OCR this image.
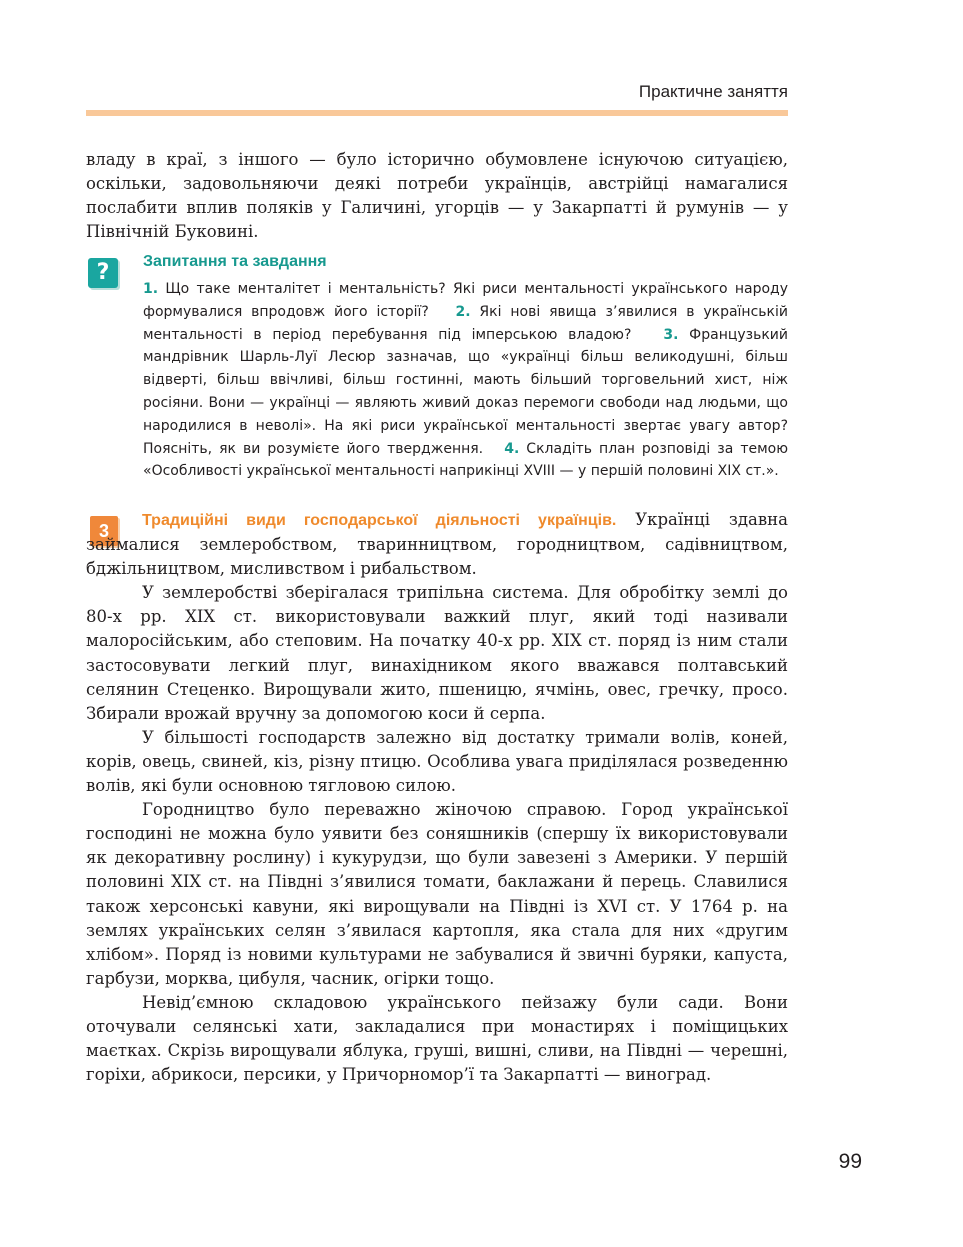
Практичне заняття

владу в краї, з іншого — було історично обумовлене існуючою ситуацією, оскільки, задовольняючи деякі потреби українців, австрійці намагалися послабити вплив поляків у Галичині, угорців — у Закарпатті й румунів — у Північній Буковині.

?	Запитання та завдання
1. Що таке менталітет і ментальність? Які риси ментальності українського народу формувалися впродовж його історії? 2. Які нові явища з’явилися в українській ментальності в період перебування під імперською владою? 3. Французький мандрівник Шарль-Луї Лесюр зазначав, що «українці більш великодушні, більш відверті, більш ввічливі, більш гостинні, мають більший торговельний хист, ніж росіяни. Вони — українці — являють живий доказ перемоги свободи над людьми, що народилися в неволі». На які риси української ментальності звертає увагу автор? Поясніть, як ви розумієте його твердження. 4. Складіть план розповіді за темою «Особливості української ментальності наприкінці XVIII — у першій половині XIX ст.».
3

Традиційні види господарської діяльності українців. Українці здавна займалися землеробством, тваринництвом, городництвом, садівництвом, бджільництвом, мисливством і рибальством.

У землеробстві зберігалася трипільна система. Для обробітку землі до 80-х рр. XIX ст. використовували важкий плуг, який тоді називали малоросійським, або степовим. На початку 40-х рр. XIX ст. поряд із ним стали застосовувати легкий плуг, винахідником якого вважався полтавський селянин Стеценко. Вирощували жито, пшеницю, ячмінь, овес, гречку, просо. Збирали врожай вручну за допомогою коси й серпа.

У більшості господарств залежно від достатку тримали волів, коней, корів, овець, свиней, кіз, різну птицю. Особлива увага приділялася розведенню волів, які були основною тягловою силою.

Городництво було переважно жіночою справою. Город української господині не можна було уявити без соняшників (спершу їх використовували як декоративну рослину) і кукурудзи, що були завезені з Америки. У першій половині XIX ст. на Півдні з’явилися томати, баклажани й перець. Славилися також херсонські кавуни, які вирощували на Півдні із XVI ст. У 1764 р. на землях українських селян з’явилася картопля, яка стала для них «другим хлібом». Поряд із новими культурами не забувалися й звичні буряки, капуста, гарбузи, морква, цибуля, часник, огірки тощо.

Невід’ємною складовою українського пейзажу були сади. Вони оточували селянські хати, закладалися при монастирях і поміщицьких маєтках. Скрізь вирощували яблука, груші, вишні, сливи, на Півдні — черешні, горіхи, абрикоси, персики, у Причорномор’ї та Закарпатті — виноград.

99
